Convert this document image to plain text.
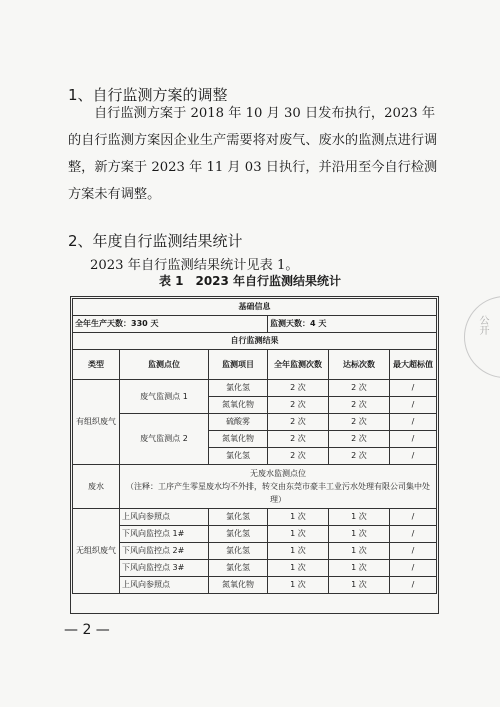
1、自行监测方案的调整
自行监测方案于 2018 年 10 月 30 日发布执行，2023 年的自行监测方案因企业生产需要将对废气、废水的监测点进行调整，新方案于 2023 年 11 月 03 日执行，并沿用至今自行检测方案未有调整。
2、年度自行监测结果统计
2023 年自行监测结果统计见表 1。
表 1　2023 年自行监测结果统计
基础信息					
全年生产天数：330 天			监测天数：4 天		
自行监测结果					
类型	监测点位	监测项目	全年监测次数	达标次数	最大超标值
有组织废气	废气监测点 1	氯化氢	2 次	2 次	/
		氮氧化物	2 次	2 次	/
	废气监测点 2	硫酸雾	2 次	2 次	/
		氮氧化物	2 次	2 次	/
		氯化氢	2 次	2 次	/
废水	无废水监测点位
（注释：工序产生零星废水均不外排，转交由东莞市豪丰工业污水处理有限公司集中处理）				

无组织废气	上风向参照点	氯化氢	1 次	1 次	/
	下风向监控点 1#	氯化氢	1 次	1 次	/
	下风向监控点 2#	氯化氢	1 次	1 次	/
	下风向监控点 3#	氯化氢	1 次	1 次	/
	上风向参照点	氮氧化物	1 次	1 次	/
公开
— 2 —
